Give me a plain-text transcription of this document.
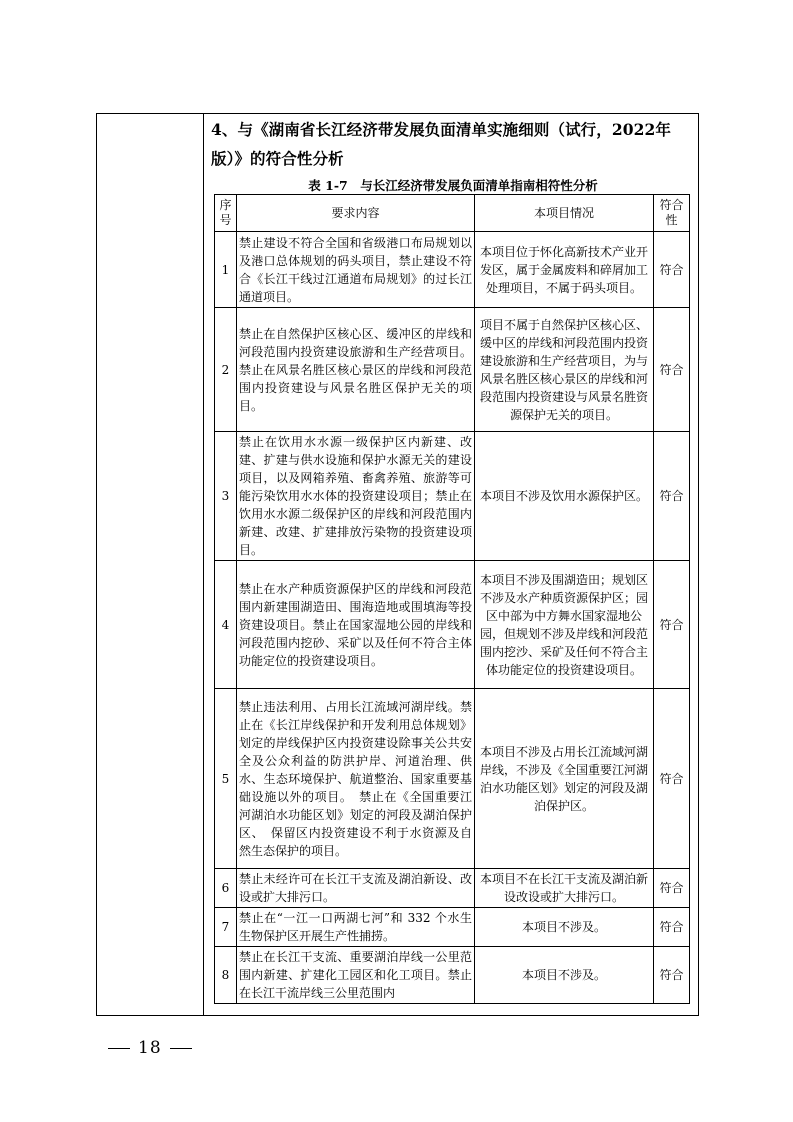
4、与《湖南省长江经济带发展负面清单实施细则（试行，2022年版）》的符合性分析
表 1-7　与长江经济带发展负面清单指南相符性分析
序号	要求内容	本项目情况	符合性
1	禁止建设不符合全国和省级港口布局规划以及港口总体规划的码头项目，禁止建设不符合《长江干线过江通道布局规划》的过长江通道项目。	本项目位于怀化高新技术产业开发区，属于金属废料和碎屑加工处理项目，不属于码头项目。	符合
2	禁止在自然保护区核心区、缓冲区的岸线和河段范围内投资建设旅游和生产经营项目。禁止在风景名胜区核心景区的岸线和河段范围内投资建设与风景名胜区保护无关的项目。	项目不属于自然保护区核心区、缓中区的岸线和河段范围内投资建设旅游和生产经营项目，为与风景名胜区核心景区的岸线和河段范围内投资建设与风景名胜资源保护无关的项目。	符合
3	禁止在饮用水水源一级保护区内新建、改建、扩建与供水设施和保护水源无关的建设项目，以及网箱养殖、畜禽养殖、旅游等可能污染饮用水水体的投资建设项目；禁止在饮用水水源二级保护区的岸线和河段范围内新建、改建、扩建排放污染物的投资建设项目。	本项目不涉及饮用水源保护区。	符合
4	禁止在水产种质资源保护区的岸线和河段范围内新建围湖造田、围海造地或围填海等投资建设项目。禁止在国家湿地公园的岸线和河段范围内挖砂、采矿以及任何不符合主体功能定位的投资建设项目。	本项目不涉及围湖造田；规划区不涉及水产种质资源保护区；园区中部为中方舞水国家湿地公园，但规划不涉及岸线和河段范围内挖沙、采矿及任何不符合主体功能定位的投资建设项目。	符合
5	禁止违法利用、占用长江流域河湖岸线。禁止在《长江岸线保护和开发利用总体规划》划定的岸线保护区内投资建设除事关公共安全及公众利益的防洪护岸、河道治理、供水、生态环境保护、航道整治、国家重要基础设施以外的项目。　禁止在《全国重要江河湖泊水功能区划》划定的河段及湖泊保护区、　保留区内投资建设不利于水资源及自然生态保护的项目。	本项目不涉及占用长江流域河湖岸线，不涉及《全国重要江河湖泊水功能区划》划定的河段及湖泊保护区。	符合
6	禁止未经许可在长江干支流及湖泊新设、改设或扩大排污口。	本项目不在长江干支流及湖泊新设改设或扩大排污口。	符合
7	禁止在“一江一口两湖七河”和 332 个水生生物保护区开展生产性捕捞。	本项目不涉及。	符合
8	禁止在长江干支流、重要湖泊岸线一公里范围内新建、扩建化工园区和化工项目。禁止在长江干流岸线三公里范围内	本项目不涉及。	符合
18
